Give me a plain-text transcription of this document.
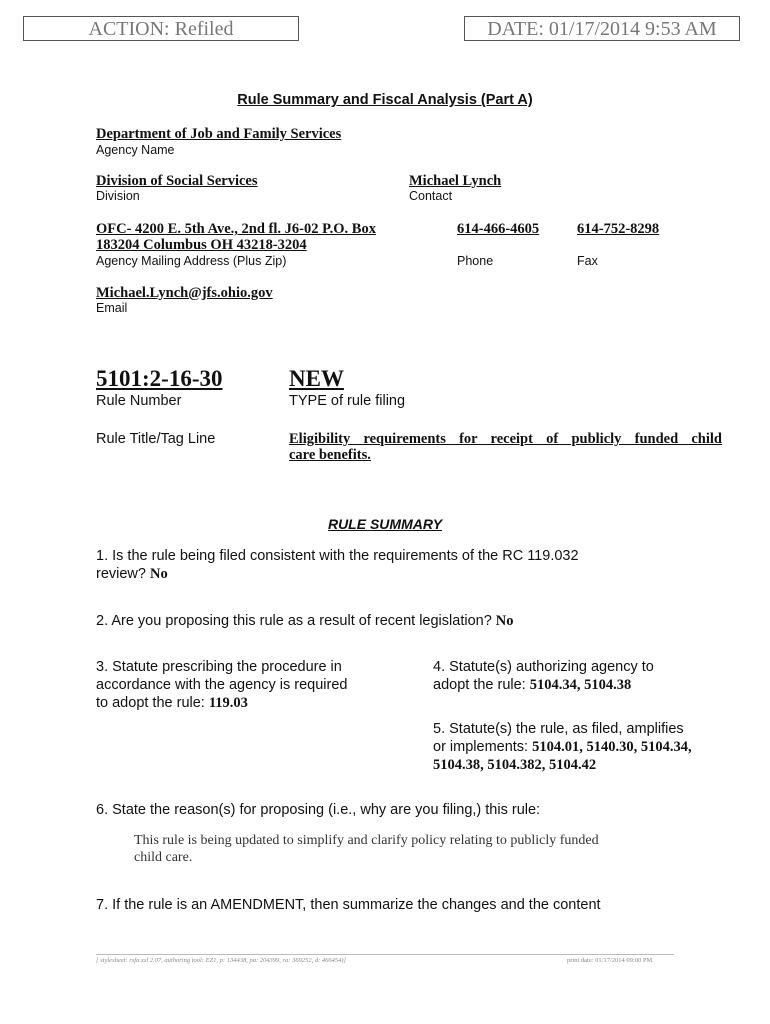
ACTION: Refiled	DATE: 01/17/2014 9:53 AM
Rule Summary and Fiscal Analysis (Part A)
Department of Job and Family Services
Agency Name
Division of Social Services
Division
Michael Lynch
Contact
OFC- 4200 E. 5th Ave., 2nd fl. J6-02 P.O. Box
183204 Columbus OH 43218-3204
Agency Mailing Address (Plus Zip)
614-466-4605
Phone
614-752-8298
Fax
Michael.Lynch@jfs.ohio.gov
Email
5101:2-16-30
Rule Number
NEW
TYPE of rule filing
Rule Title/Tag Line	Eligibility requirements for receipt of publicly funded child
care benefits.
RULE SUMMARY
1. Is the rule being filed consistent with the requirements of the RC 119.032
review? No
2. Are you proposing this rule as a result of recent legislation? No
3. Statute prescribing the procedure in
accordance with the agency is required
to adopt the rule: 119.03
4. Statute(s) authorizing agency to
adopt the rule: 5104.34, 5104.38
5. Statute(s) the rule, as filed, amplifies
or implements: 5104.01, 5140.30, 5104.34,
5104.38, 5104.382, 5104.42
6. State the reason(s) for proposing (i.e., why are you filing,) this rule:
This rule is being updated to simplify and clarify policy relating to publicly funded
child care.
7. If the rule is an AMENDMENT, then summarize the changes and the content
[ stylesheet: rsfa.xsl 2.07, authoring tool: EZ1, p: 134438, pa: 204399, ra: 369252, d: 466454)]	print date: 01/17/2014 09:00 PM
